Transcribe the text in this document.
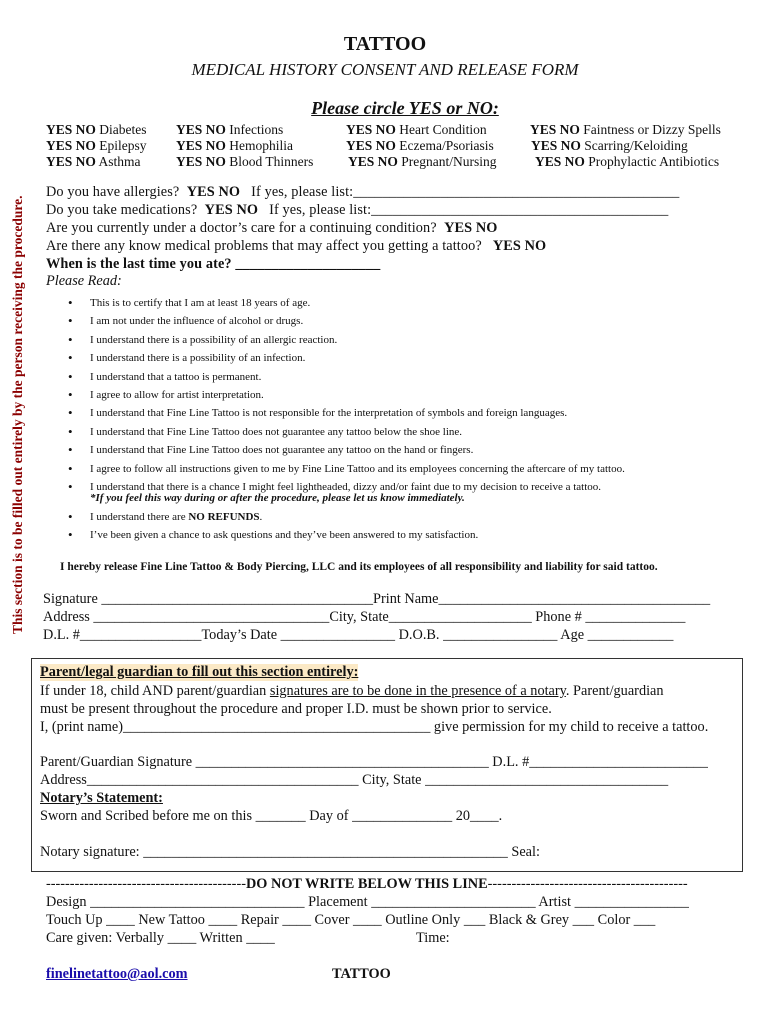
This section is to be filled out entirely by the person receiving the procedure.
TATTOO
MEDICAL HISTORY CONSENT AND RELEASE FORM
Please circle YES or NO:
YES NO Diabetes
YES NO Epilepsy
YES NO Asthma
YES NO Infections
YES NO Hemophilia
YES NO Blood Thinners
YES NO Heart Condition
YES NO Eczema/Psoriasis
YES NO Pregnant/Nursing
YES NO Faintness or Dizzy Spells
YES NO Scarring/Keloiding
YES NO Prophylactic Antibiotics
Do you have allergies? YES NO If yes, please list:_____________________________________________
Do you take medications? YES NO If yes, please list:_________________________________________
Are you currently under a doctor’s care for a continuing condition? YES NO
Are there any know medical problems that may affect you getting a tattoo? YES NO
When is the last time you ate? ____________________
Please Read:
• This is to certify that I am at least 18 years of age.
• I am not under the influence of alcohol or drugs.
• I understand there is a possibility of an allergic reaction.
• I understand there is a possibility of an infection.
• I understand that a tattoo is permanent.
• I agree to allow for artist interpretation.
• I understand that Fine Line Tattoo is not responsible for the interpretation of symbols and foreign languages.
• I understand that Fine Line Tattoo does not guarantee any tattoo below the shoe line.
• I understand that Fine Line Tattoo does not guarantee any tattoo on the hand or fingers.
• I agree to follow all instructions given to me by Fine Line Tattoo and its employees concerning the aftercare of my tattoo.
• I understand that there is a chance I might feel lightheaded, dizzy and/or faint due to my decision to receive a tattoo.
*If you feel this way during or after the procedure, please let us know immediately.
• I understand there are NO REFUNDS.
• I’ve been given a chance to ask questions and they’ve been answered to my satisfaction.
I hereby release Fine Line Tattoo & Body Piercing, LLC and its employees of all responsibility and liability for said tattoo.
Signature ______________________________________Print Name______________________________________
Address _________________________________City, State____________________ Phone # ______________
D.L. #_________________Today’s Date ________________ D.O.B. ________________ Age ____________
Parent/legal guardian to fill out this section entirely:
If under 18, child AND parent/guardian signatures are to be done in the presence of a notary. Parent/guardian
must be present throughout the procedure and proper I.D. must be shown prior to service.
I, (print name)___________________________________________ give permission for my child to receive a tattoo.
Parent/Guardian Signature _________________________________________ D.L. #_________________________
Address______________________________________ City, State __________________________________
Notary’s Statement:
Sworn and Scribed before me on this _______ Day of ______________ 20____.
Notary signature: ___________________________________________________ Seal:
------------------------------------------DO NOT WRITE BELOW THIS LINE------------------------------------------
Design ______________________________ Placement _______________________ Artist ________________
Touch Up ____ New Tattoo ____ Repair ____ Cover ____ Outline Only ___ Black & Grey ___ Color ___
Care given: Verbally ____ Written ____	Time:
finelinetattoo@aol.com	TATTOO
